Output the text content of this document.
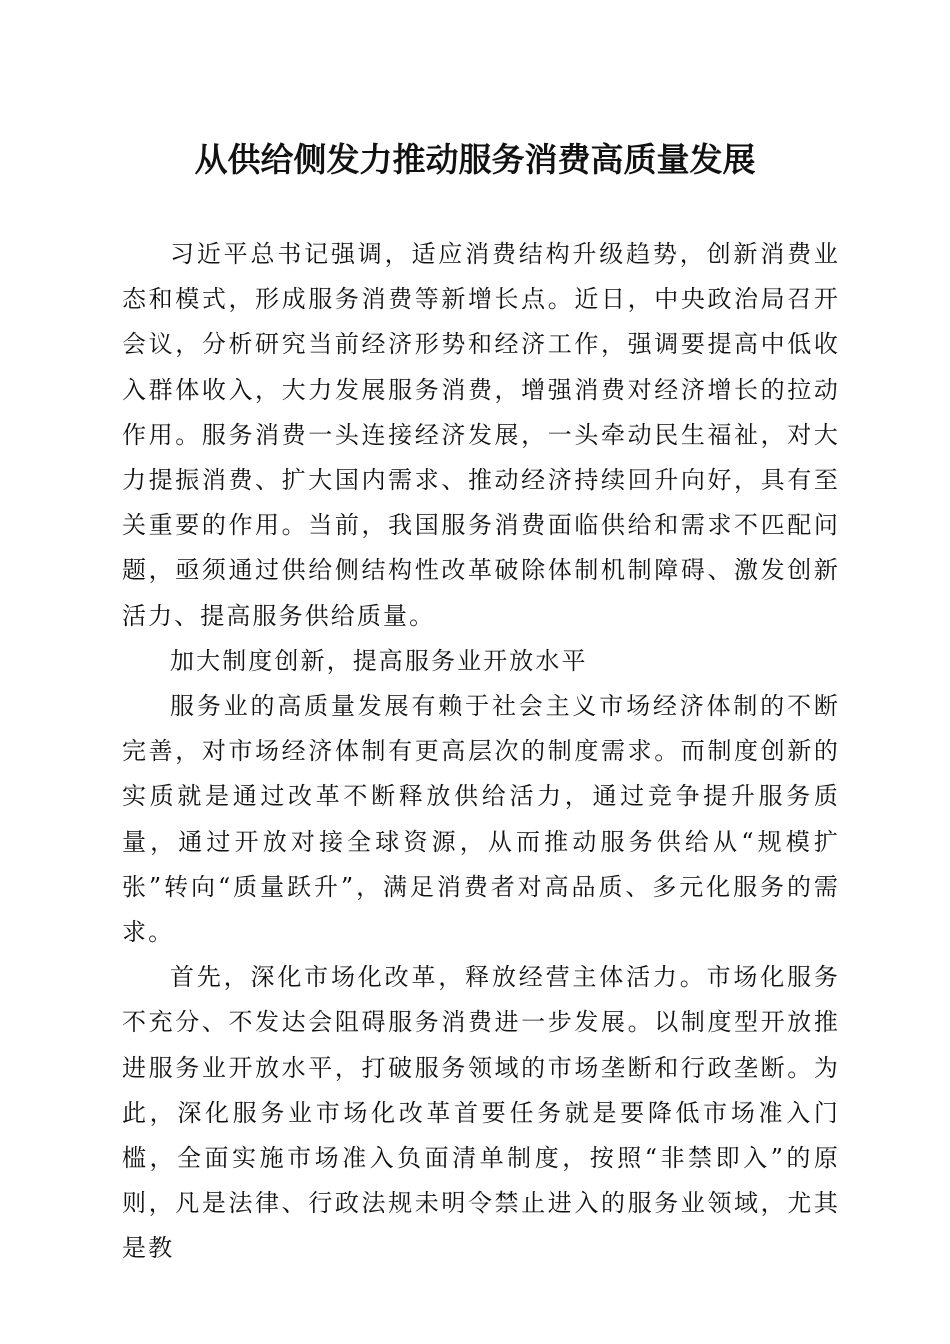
从供给侧发力推动服务消费高质量发展

习近平总书记强调，适应消费结构升级趋势，创新消费业态和模式，形成服务消费等新增长点。近日，中央政治局召开会议，分析研究当前经济形势和经济工作，强调要提高中低收入群体收入，大力发展服务消费，增强消费对经济增长的拉动作用。服务消费一头连接经济发展，一头牵动民生福祉，对大力提振消费、扩大国内需求、推动经济持续回升向好，具有至关重要的作用。当前，我国服务消费面临供给和需求不匹配问题，亟须通过供给侧结构性改革破除体制机制障碍、激发创新活力、提高服务供给质量。

加大制度创新，提高服务业开放水平

服务业的高质量发展有赖于社会主义市场经济体制的不断完善，对市场经济体制有更高层次的制度需求。而制度创新的实质就是通过改革不断释放供给活力，通过竞争提升服务质量，通过开放对接全球资源，从而推动服务供给从“规模扩张”转向“质量跃升”，满足消费者对高品质、多元化服务的需求。

首先，深化市场化改革，释放经营主体活力。市场化服务不充分、不发达会阻碍服务消费进一步发展。以制度型开放推进服务业开放水平，打破服务领域的市场垄断和行政垄断。为此，深化服务业市场化改革首要任务就是要降低市场准入门槛，全面实施市场准入负面清单制度，按照“非禁即入”的原则，凡是法律、行政法规未明令禁止进入的服务业领域，尤其是教
